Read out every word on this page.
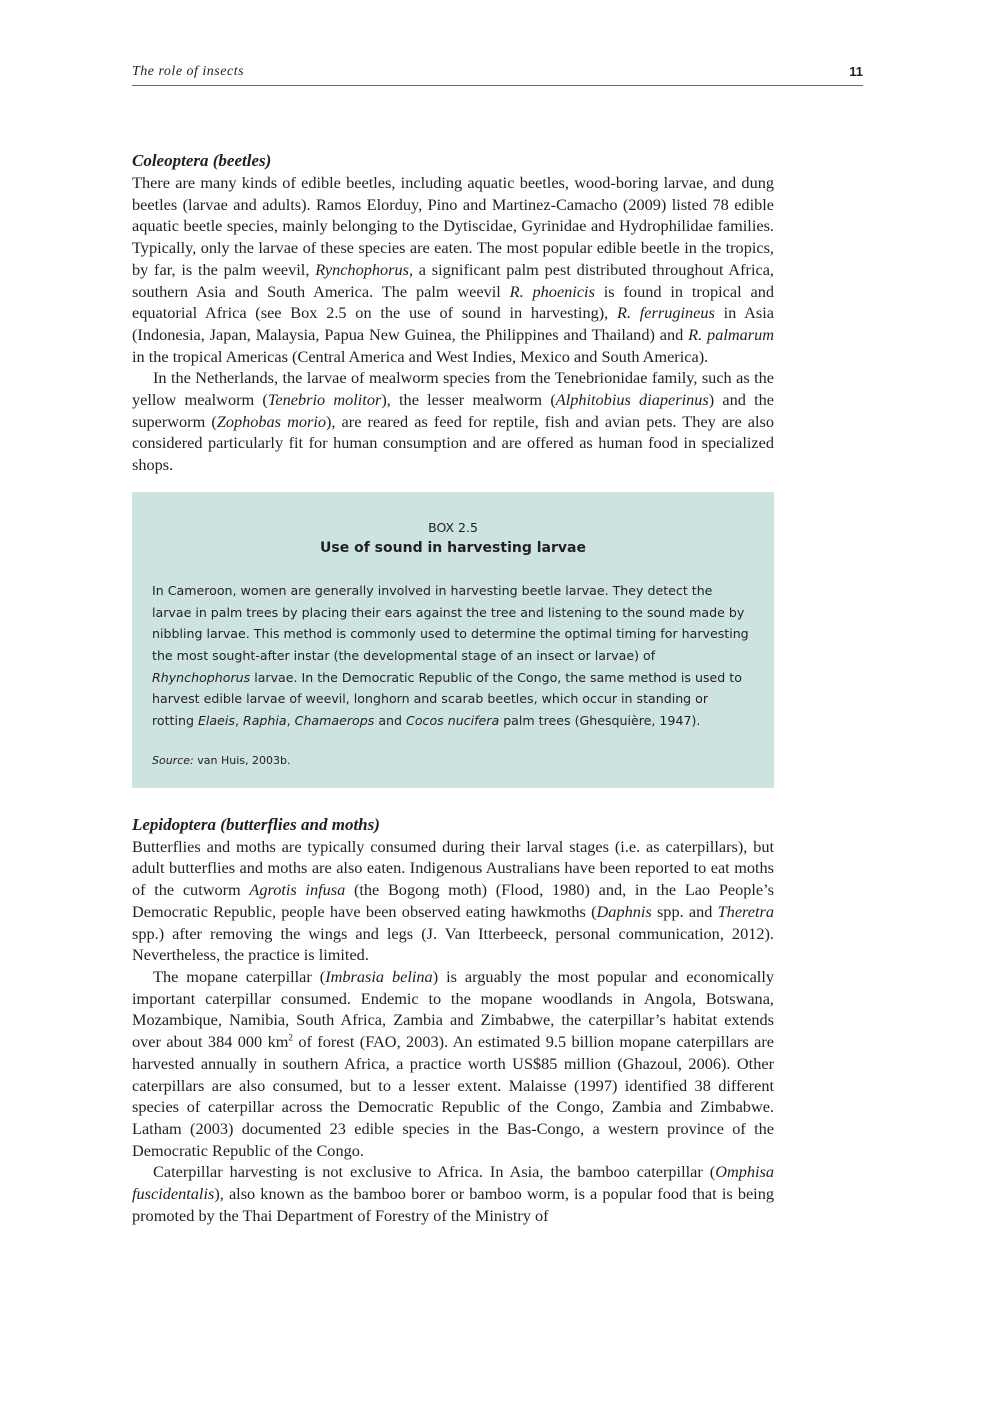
The role of insects	11
Coleoptera (beetles)

There are many kinds of edible beetles, including aquatic beetles, wood-boring larvae, and dung beetles (larvae and adults). Ramos Elorduy, Pino and Martinez-Camacho (2009) listed 78 edible aquatic beetle species, mainly belonging to the Dytiscidae, Gyrinidae and Hydrophilidae families. Typically, only the larvae of these species are eaten. The most popular edible beetle in the tropics, by far, is the palm weevil, Rynchophorus, a significant palm pest distributed throughout Africa, southern Asia and South America. The palm weevil R. phoenicis is found in tropical and equatorial Africa (see Box 2.5 on the use of sound in harvesting), R. ferrugineus in Asia (Indonesia, Japan, Malaysia, Papua New Guinea, the Philippines and Thailand) and R. palmarum in the tropical Americas (Central America and West Indies, Mexico and South America).

In the Netherlands, the larvae of mealworm species from the Tenebrionidae family, such as the yellow mealworm (Tenebrio molitor), the lesser mealworm (Alphitobius diaperinus) and the superworm (Zophobas morio), are reared as feed for reptile, fish and avian pets. They are also considered particularly fit for human consumption and are offered as human food in specialized shops.

BOX 2.5
Use of sound in harvesting larvae

In Cameroon, women are generally involved in harvesting beetle larvae. They detect the larvae in palm trees by placing their ears against the tree and listening to the sound made by nibbling larvae. This method is commonly used to determine the optimal timing for harvesting the most sought-after instar (the developmental stage of an insect or larvae) of Rhynchophorus larvae. In the Democratic Republic of the Congo, the same method is used to harvest edible larvae of weevil, longhorn and scarab beetles, which occur in standing or rotting Elaeis, Raphia, Chamaerops and Cocos nucifera palm trees (Ghesquière, 1947).

Source: van Huis, 2003b.

Lepidoptera (butterflies and moths)

Butterflies and moths are typically consumed during their larval stages (i.e. as caterpillars), but adult butterflies and moths are also eaten. Indigenous Australians have been reported to eat moths of the cutworm Agrotis infusa (the Bogong moth) (Flood, 1980) and, in the Lao People’s Democratic Republic, people have been observed eating hawkmoths (Daphnis spp. and Theretra spp.) after removing the wings and legs (J. Van Itterbeeck, personal communication, 2012). Nevertheless, the practice is limited.

The mopane caterpillar (Imbrasia belina) is arguably the most popular and economically important caterpillar consumed. Endemic to the mopane woodlands in Angola, Botswana, Mozambique, Namibia, South Africa, Zambia and Zimbabwe, the caterpillar’s habitat extends over about 384 000 $km^2$ of forest (FAO, 2003). An estimated 9.5 billion mopane caterpillars are harvested annually in southern Africa, a practice worth US$85 million (Ghazoul, 2006). Other caterpillars are also consumed, but to a lesser extent. Malaisse (1997) identified 38 different species of caterpillar across the Democratic Republic of the Congo, Zambia and Zimbabwe. Latham (2003) documented 23 edible species in the Bas-Congo, a western province of the Democratic Republic of the Congo.

Caterpillar harvesting is not exclusive to Africa. In Asia, the bamboo caterpillar (Omphisa fuscidentalis), also known as the bamboo borer or bamboo worm, is a popular food that is being promoted by the Thai Department of Forestry of the Ministry of
